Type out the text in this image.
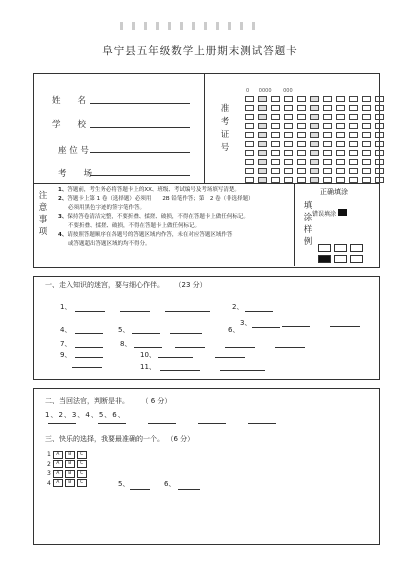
阜宁县五年级数学上册期末测试答题卡
姓　　名
学　　校
座 位 号
考　　场
准
考
证
号
0 0000 000
注
意
事
项
1、答题前，考生务必将答题卡上的XX、班级、考试编号及考场填写清楚。
2、答题卡上第 1 卷（选择题）必须用　　2B 铅笔作答；第　2 卷（非选择题）
必须用黑色字迹的签字笔作答。
3、保持答卷清洁完整，不要折叠、揉搓、破损，不得在答题卡上做任何标记。
不要折叠、揉搓、破损，不得在答题卡上做任何标记。
4、请按照答题顺序在各题号的答题区域内作答，未在对应答题区域作答
或答题超出答题区域的均不得分。
正确填涂
填
涂
样
例
错误填涂
一、走入知识的迷宫，要与细心作伴。 （23 分）
1、	2、
3、
4、	5、	6、
7、	8、
9、	10、
11、
二、当回法官，判断是非。 （ 6 分）
1、2、3、4、5、6、
三、快乐的选择，我要最准确的一个。 （6 分）
1 A B C
2 A B C
3 A B C
4 A B C	5、	6、
